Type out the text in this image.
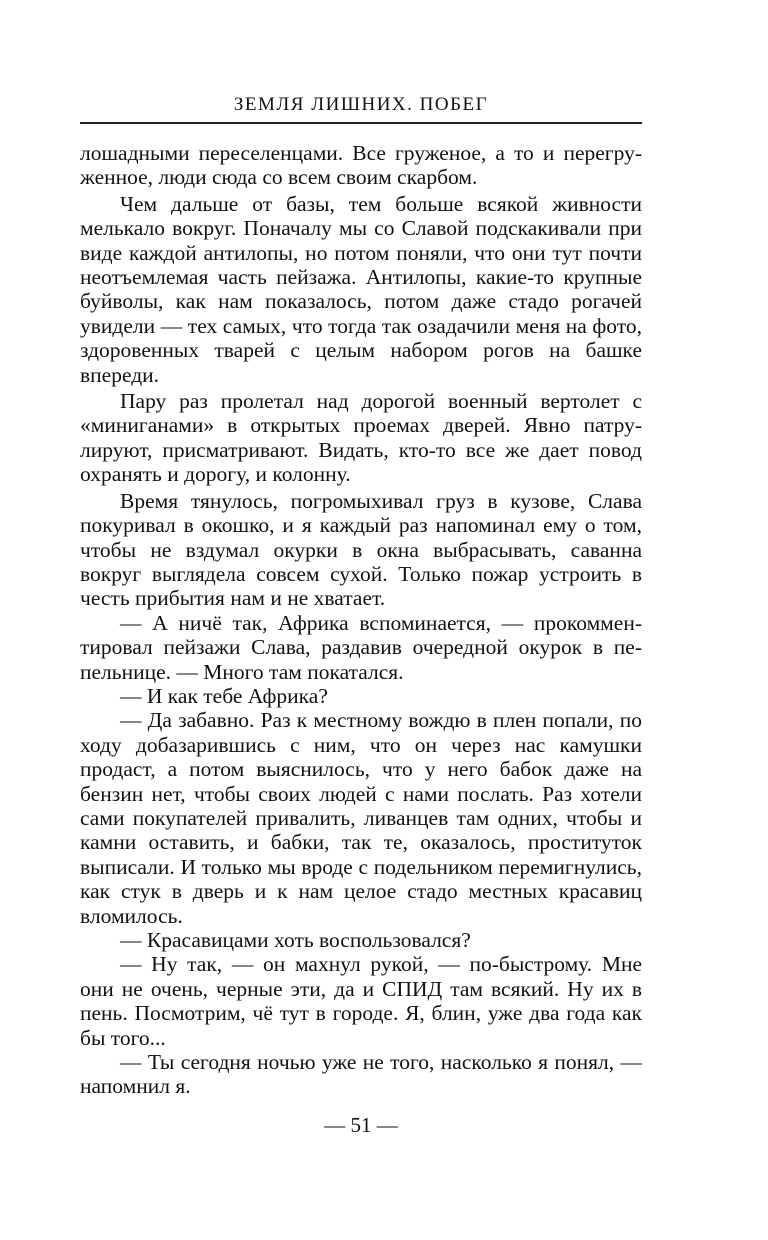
ЗЕМЛЯ ЛИШНИХ. ПОБЕГ

лошадными переселенцами. Все груженое, а то и перегруженное, люди сюда со всем своим скарбом.

Чем дальше от базы, тем больше всякой живности мелькало вокруг. Поначалу мы со Славой подскакивали при виде каждой антилопы, но потом поняли, что они тут почти неотъемлемая часть пейзажа. Антилопы, какие-то крупные буйволы, как нам показалось, потом даже стадо рогачей увидели — тех самых, что тогда так озадачили меня на фото, здоровенных тварей с целым набором рогов на башке впереди.

Пару раз пролетал над дорогой военный вертолет с «миниганами» в открытых проемах дверей. Явно патрулируют, присматривают. Видать, кто-то все же дает повод охранять и дорогу, и колонну.

Время тянулось, погромыхивал груз в кузове, Слава покуривал в окошко, и я каждый раз напоминал ему о том, чтобы не вздумал окурки в окна выбрасывать, саванна вокруг выглядела совсем сухой. Только пожар устроить в честь прибытия нам и не хватает.

— А ничё так, Африка вспоминается, — прокомментировал пейзажи Слава, раздавив очередной окурок в пепельнице. — Много там покатался.

— И как тебе Африка?

— Да забавно. Раз к местному вождю в плен попали, по ходу добазарившись с ним, что он через нас камушки продаст, а потом выяснилось, что у него бабок даже на бензин нет, чтобы своих людей с нами послать. Раз хотели сами покупателей привалить, ливанцев там одних, чтобы и камни оставить, и бабки, так те, оказалось, проституток выписали. И только мы вроде с подельником перемигнулись, как стук в дверь и к нам целое стадо местных красавиц вломилось.

— Красавицами хоть воспользовался?

— Ну так, — он махнул рукой, — по-быстрому. Мне они не очень, черные эти, да и СПИД там всякий. Ну их в пень. Посмотрим, чё тут в городе. Я, блин, уже два года как бы того...

— Ты сегодня ночью уже не того, насколько я понял, — напомнил я.

— 51 —
